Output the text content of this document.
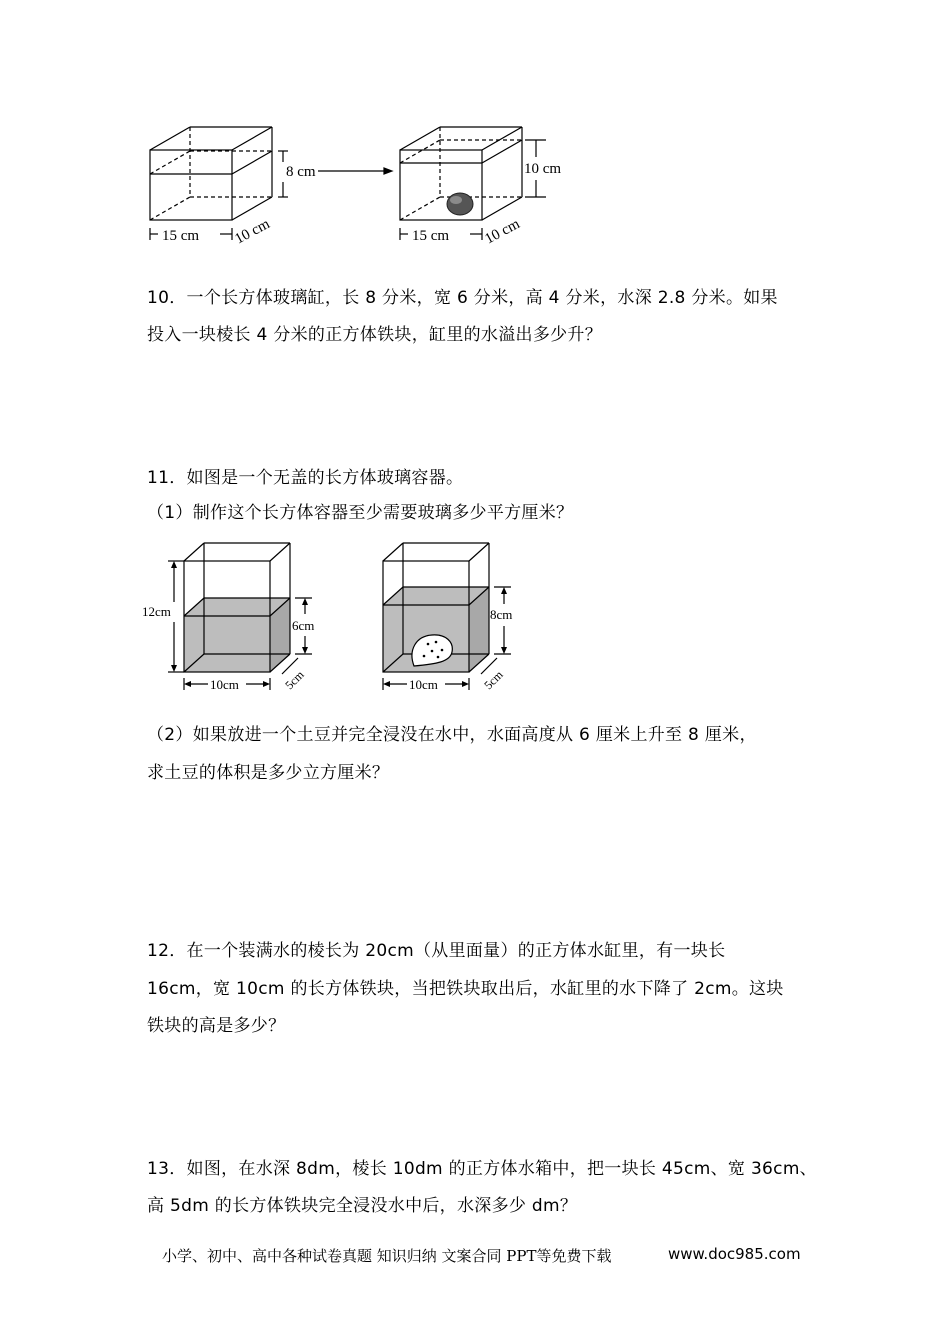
8 cm	10 cm
15 cm	15 cm
10 cm	10 cm
10．一个长方体玻璃缸，长 8 分米，宽 6 分米，高 4 分米，水深 2.8 分米。如果
投入一块棱长 4 分米的正方体铁块，缸里的水溢出多少升？
11．如图是一个无盖的长方体玻璃容器。
（1）制作这个长方体容器至少需要玻璃多少平方厘米？
12cm
6cm
8cm
10cm	10cm
5cm	5cm
（2）如果放进一个土豆并完全浸没在水中，水面高度从 6 厘米上升至 8 厘米，
求土豆的体积是多少立方厘米？
12．在一个装满水的棱长为 20cm（从里面量）的正方体水缸里，有一块长
16cm，宽 10cm 的长方体铁块，当把铁块取出后，水缸里的水下降了 2cm。这块
铁块的高是多少？
13．如图，在水深 8dm，棱长 10dm 的正方体水箱中，把一块长 45cm、宽 36cm、
高 5dm 的长方体铁块完全浸没水中后，水深多少 dm？
小学、初中、高中各种试卷真题 知识归纳 文案合同 PPT等免费下载	www.doc985.com
